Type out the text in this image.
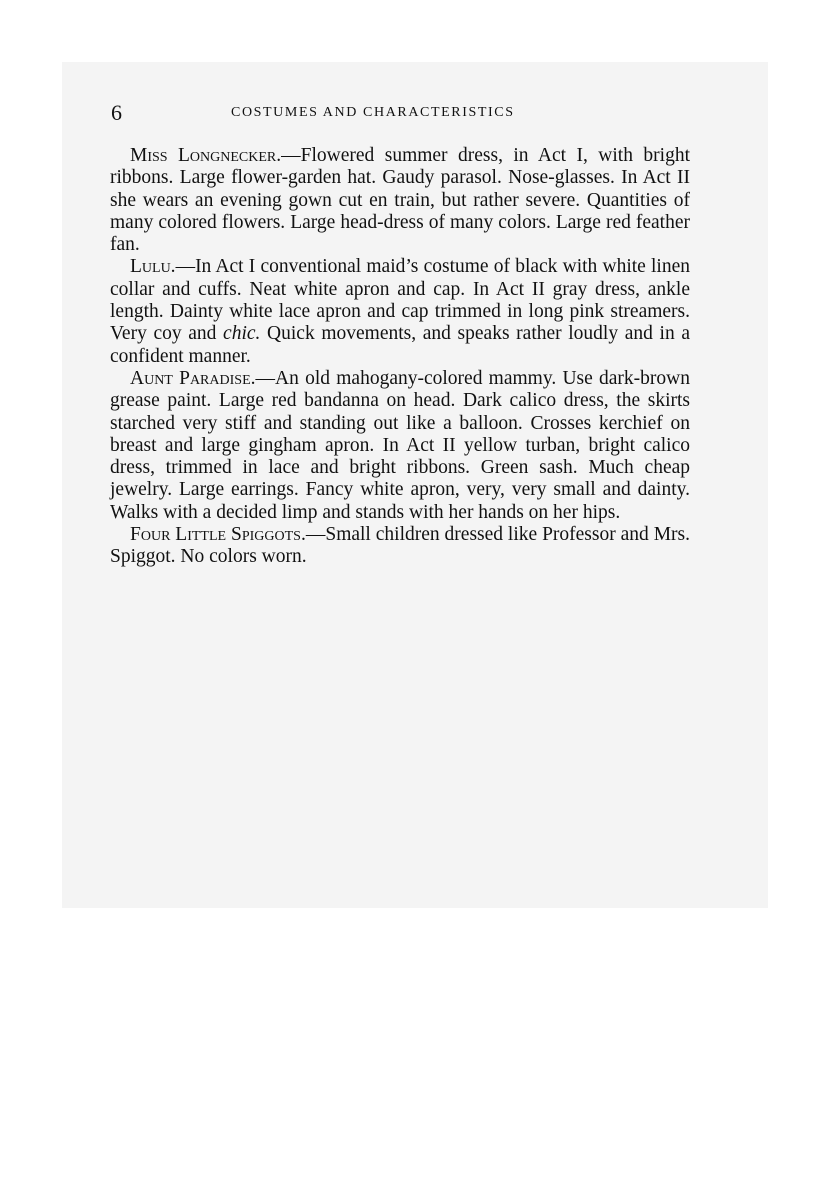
6	COSTUMES AND CHARACTERISTICS

Miss Longnecker.—Flowered summer dress, in Act I, with bright ribbons. Large flower-garden hat. Gaudy parasol. Nose-glasses. In Act II she wears an evening gown cut en train, but rather severe. Quantities of many colored flowers. Large head-dress of many colors. Large red feather fan.

Lulu.—In Act I conventional maid’s costume of black with white linen collar and cuffs. Neat white apron and cap. In Act II gray dress, ankle length. Dainty white lace apron and cap trimmed in long pink streamers. Very coy and chic. Quick movements, and speaks rather loudly and in a confident manner.

Aunt Paradise.—An old mahogany-colored mammy. Use dark-brown grease paint. Large red bandanna on head. Dark calico dress, the skirts starched very stiff and standing out like a balloon. Crosses kerchief on breast and large gingham apron. In Act II yellow turban, bright calico dress, trimmed in lace and bright ribbons. Green sash. Much cheap jewelry. Large earrings. Fancy white apron, very, very small and dainty. Walks with a decided limp and stands with her hands on her hips.

Four Little Spiggots.—Small children dressed like Professor and Mrs. Spiggot. No colors worn.
